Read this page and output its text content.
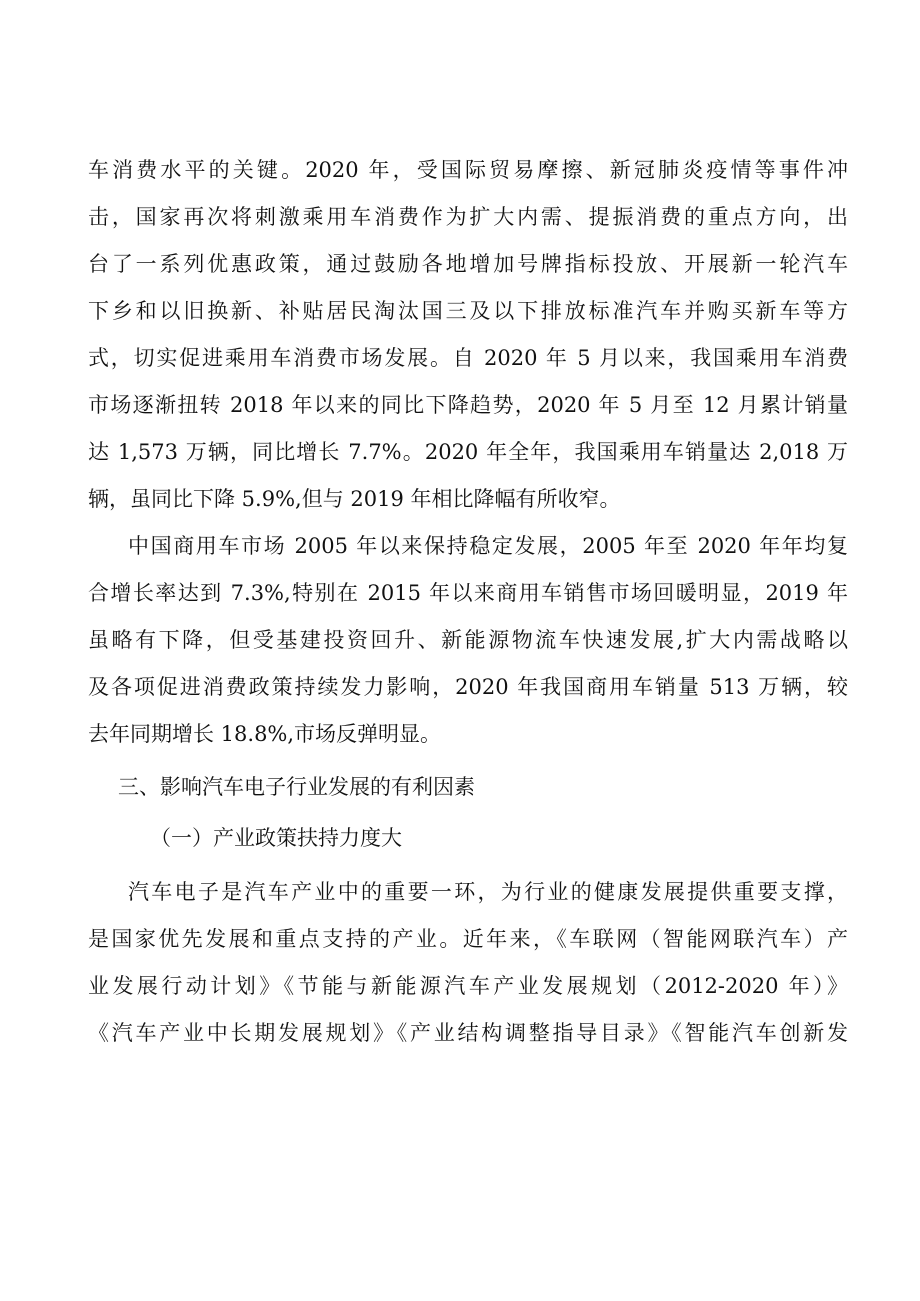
车消费水平的关键。2020 年，受国际贸易摩擦、新冠肺炎疫情等事件冲
击，国家再次将刺激乘用车消费作为扩大内需、提振消费的重点方向，出
台了一系列优惠政策，通过鼓励各地增加号牌指标投放、开展新一轮汽车
下乡和以旧换新、补贴居民淘汰国三及以下排放标准汽车并购买新车等方
式，切实促进乘用车消费市场发展。自 2020 年 5 月以来，我国乘用车消费
市场逐渐扭转 2018 年以来的同比下降趋势，2020 年 5 月至 12 月累计销量
达 1,573 万辆，同比增长 7.7%。2020 年全年，我国乘用车销量达 2,018 万
辆，虽同比下降 5.9%,但与 2019 年相比降幅有所收窄。
中国商用车市场 2005 年以来保持稳定发展，2005 年至 2020 年年均复
合增长率达到 7.3%,特别在 2015 年以来商用车销售市场回暖明显，2019 年
虽略有下降，但受基建投资回升、新能源物流车快速发展,扩大内需战略以
及各项促进消费政策持续发力影响，2020 年我国商用车销量 513 万辆，较
去年同期增长 18.8%,市场反弹明显。
三、影响汽车电子行业发展的有利因素
（一）产业政策扶持力度大
汽车电子是汽车产业中的重要一环，为行业的健康发展提供重要支撑，
是国家优先发展和重点支持的产业。近年来，《车联网（智能网联汽车）产
业发展行动计划》《节能与新能源汽车产业发展规划（2012-2020 年）》
《汽车产业中长期发展规划》《产业结构调整指导目录》《智能汽车创新发
